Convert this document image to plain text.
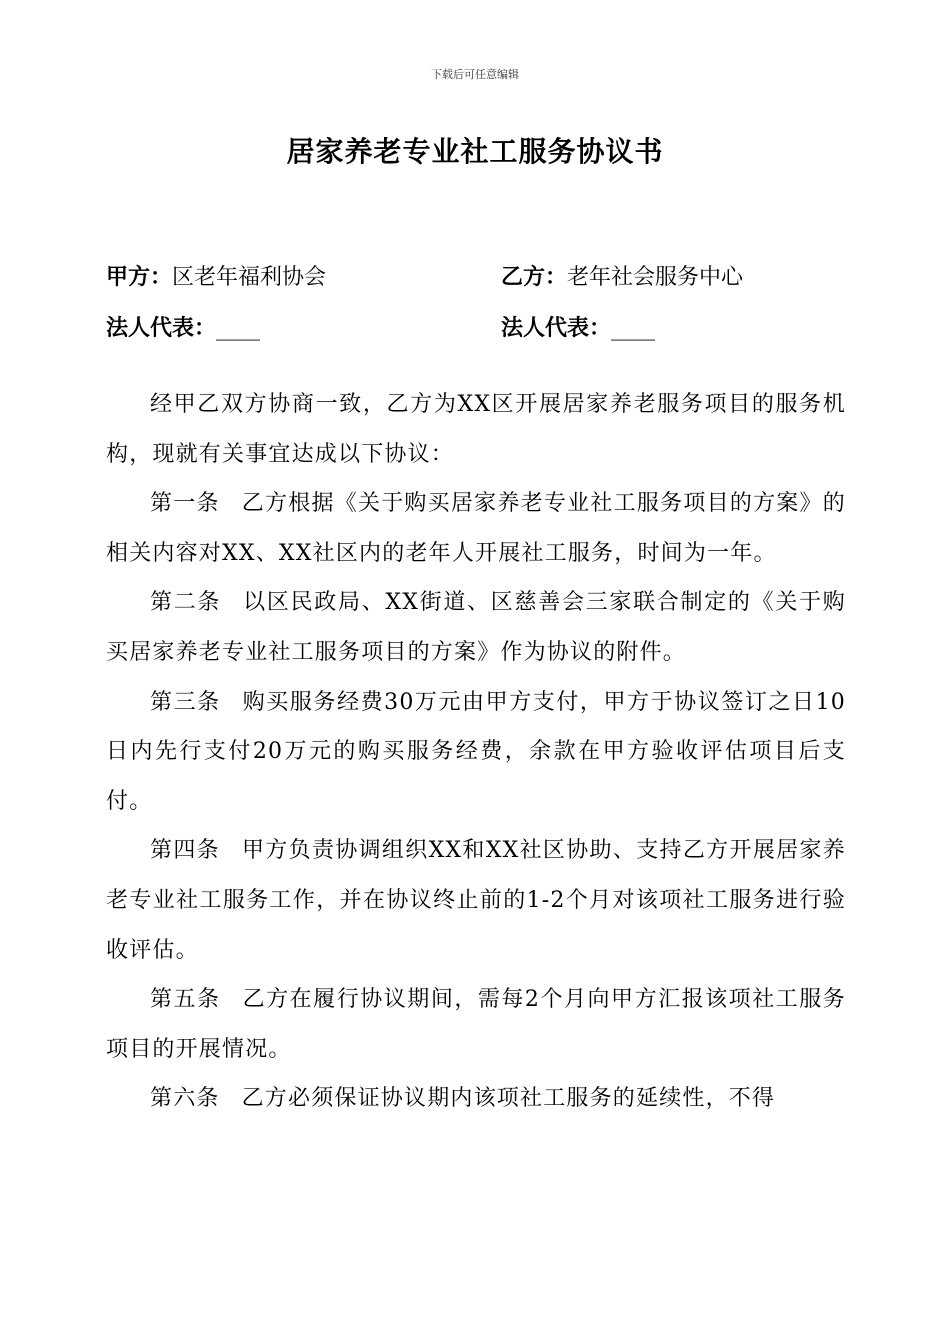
下载后可任意编辑
居家养老专业社工服务协议书
甲方：区老年福利协会	乙方：老年社会服务中心
法人代表：____	法人代表：____

经甲乙双方协商一致，乙方为XX区开展居家养老服务项目的服务机构，现就有关事宜达成以下协议：

第一条 乙方根据《关于购买居家养老专业社工服务项目的方案》的相关内容对XX、XX社区内的老年人开展社工服务，时间为一年。

第二条 以区民政局、XX街道、区慈善会三家联合制定的《关于购买居家养老专业社工服务项目的方案》作为协议的附件。

第三条 购买服务经费30万元由甲方支付，甲方于协议签订之日10日内先行支付20万元的购买服务经费，余款在甲方验收评估项目后支付。

第四条 甲方负责协调组织XX和XX社区协助、支持乙方开展居家养老专业社工服务工作，并在协议终止前的1-2个月对该项社工服务进行验收评估。

第五条 乙方在履行协议期间，需每2个月向甲方汇报该项社工服务项目的开展情况。

第六条 乙方必须保证协议期内该项社工服务的延续性，不得
